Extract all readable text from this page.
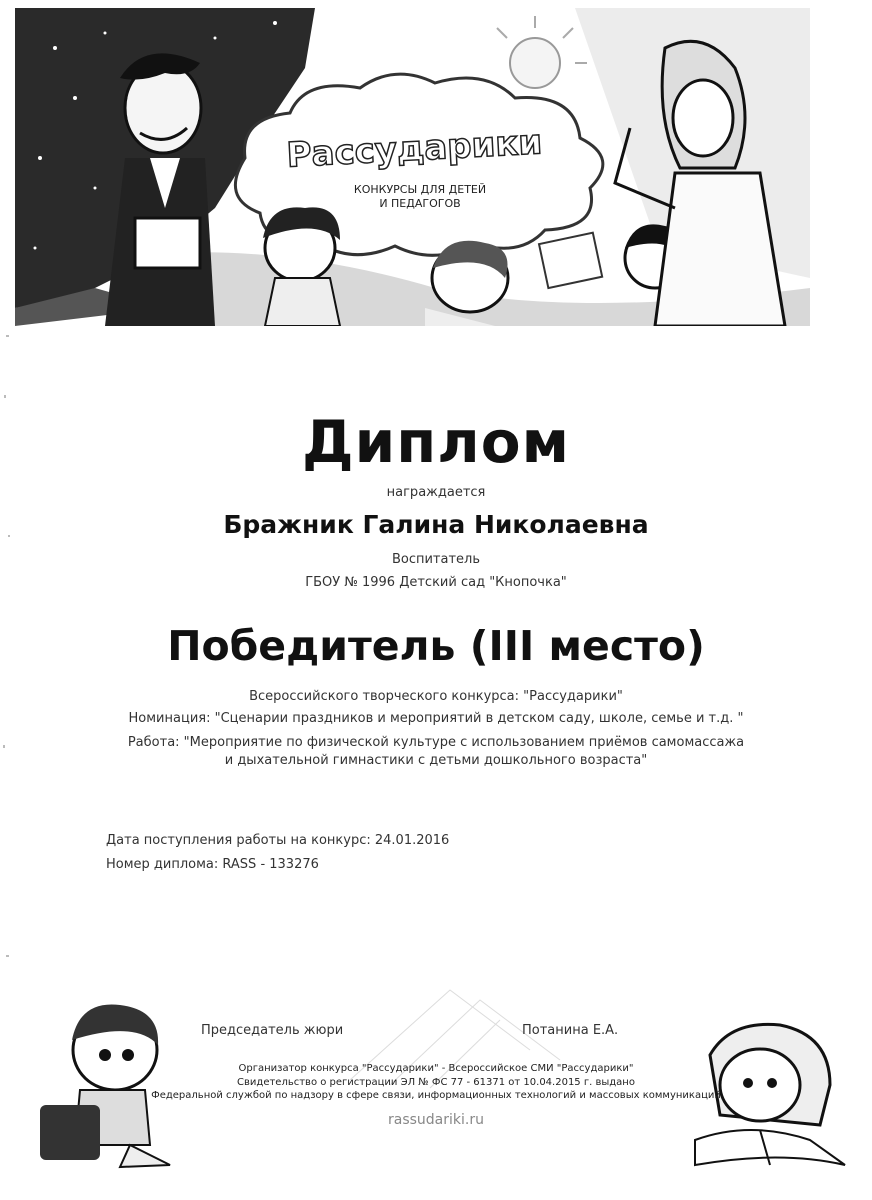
Рассударики
КОНКУРСЫ ДЛЯ ДЕТЕЙ
И ПЕДАГОГОВ
Диплом
награждается
Бражник Галина Николаевна
Воспитатель
ГБОУ № 1996 Детский сад "Кнопочка"
Победитель (III место)
Всероссийского творческого конкурса: "Рассударики"
Номинация: "Сценарии праздников и мероприятий в детском саду, школе, семье и т.д. "
Работа: "Мероприятие по физической культуре с использованием приёмов самомассажа
и дыхательной гимнастики с детьми дошкольного возраста"
Дата поступления работы на конкурс: 24.01.2016
Номер диплома: RASS - 133276
Председатель жюри	Потанина Е.А.
Организатор конкурса "Рассударики" - Всероссийское СМИ "Рассударики"
Свидетельство о регистрации ЭЛ № ФС 77 - 61371 от 10.04.2015 г. выдано
Федеральной службой по надзору в сфере связи, информационных технологий и массовых коммуникаций
rassudariki.ru
